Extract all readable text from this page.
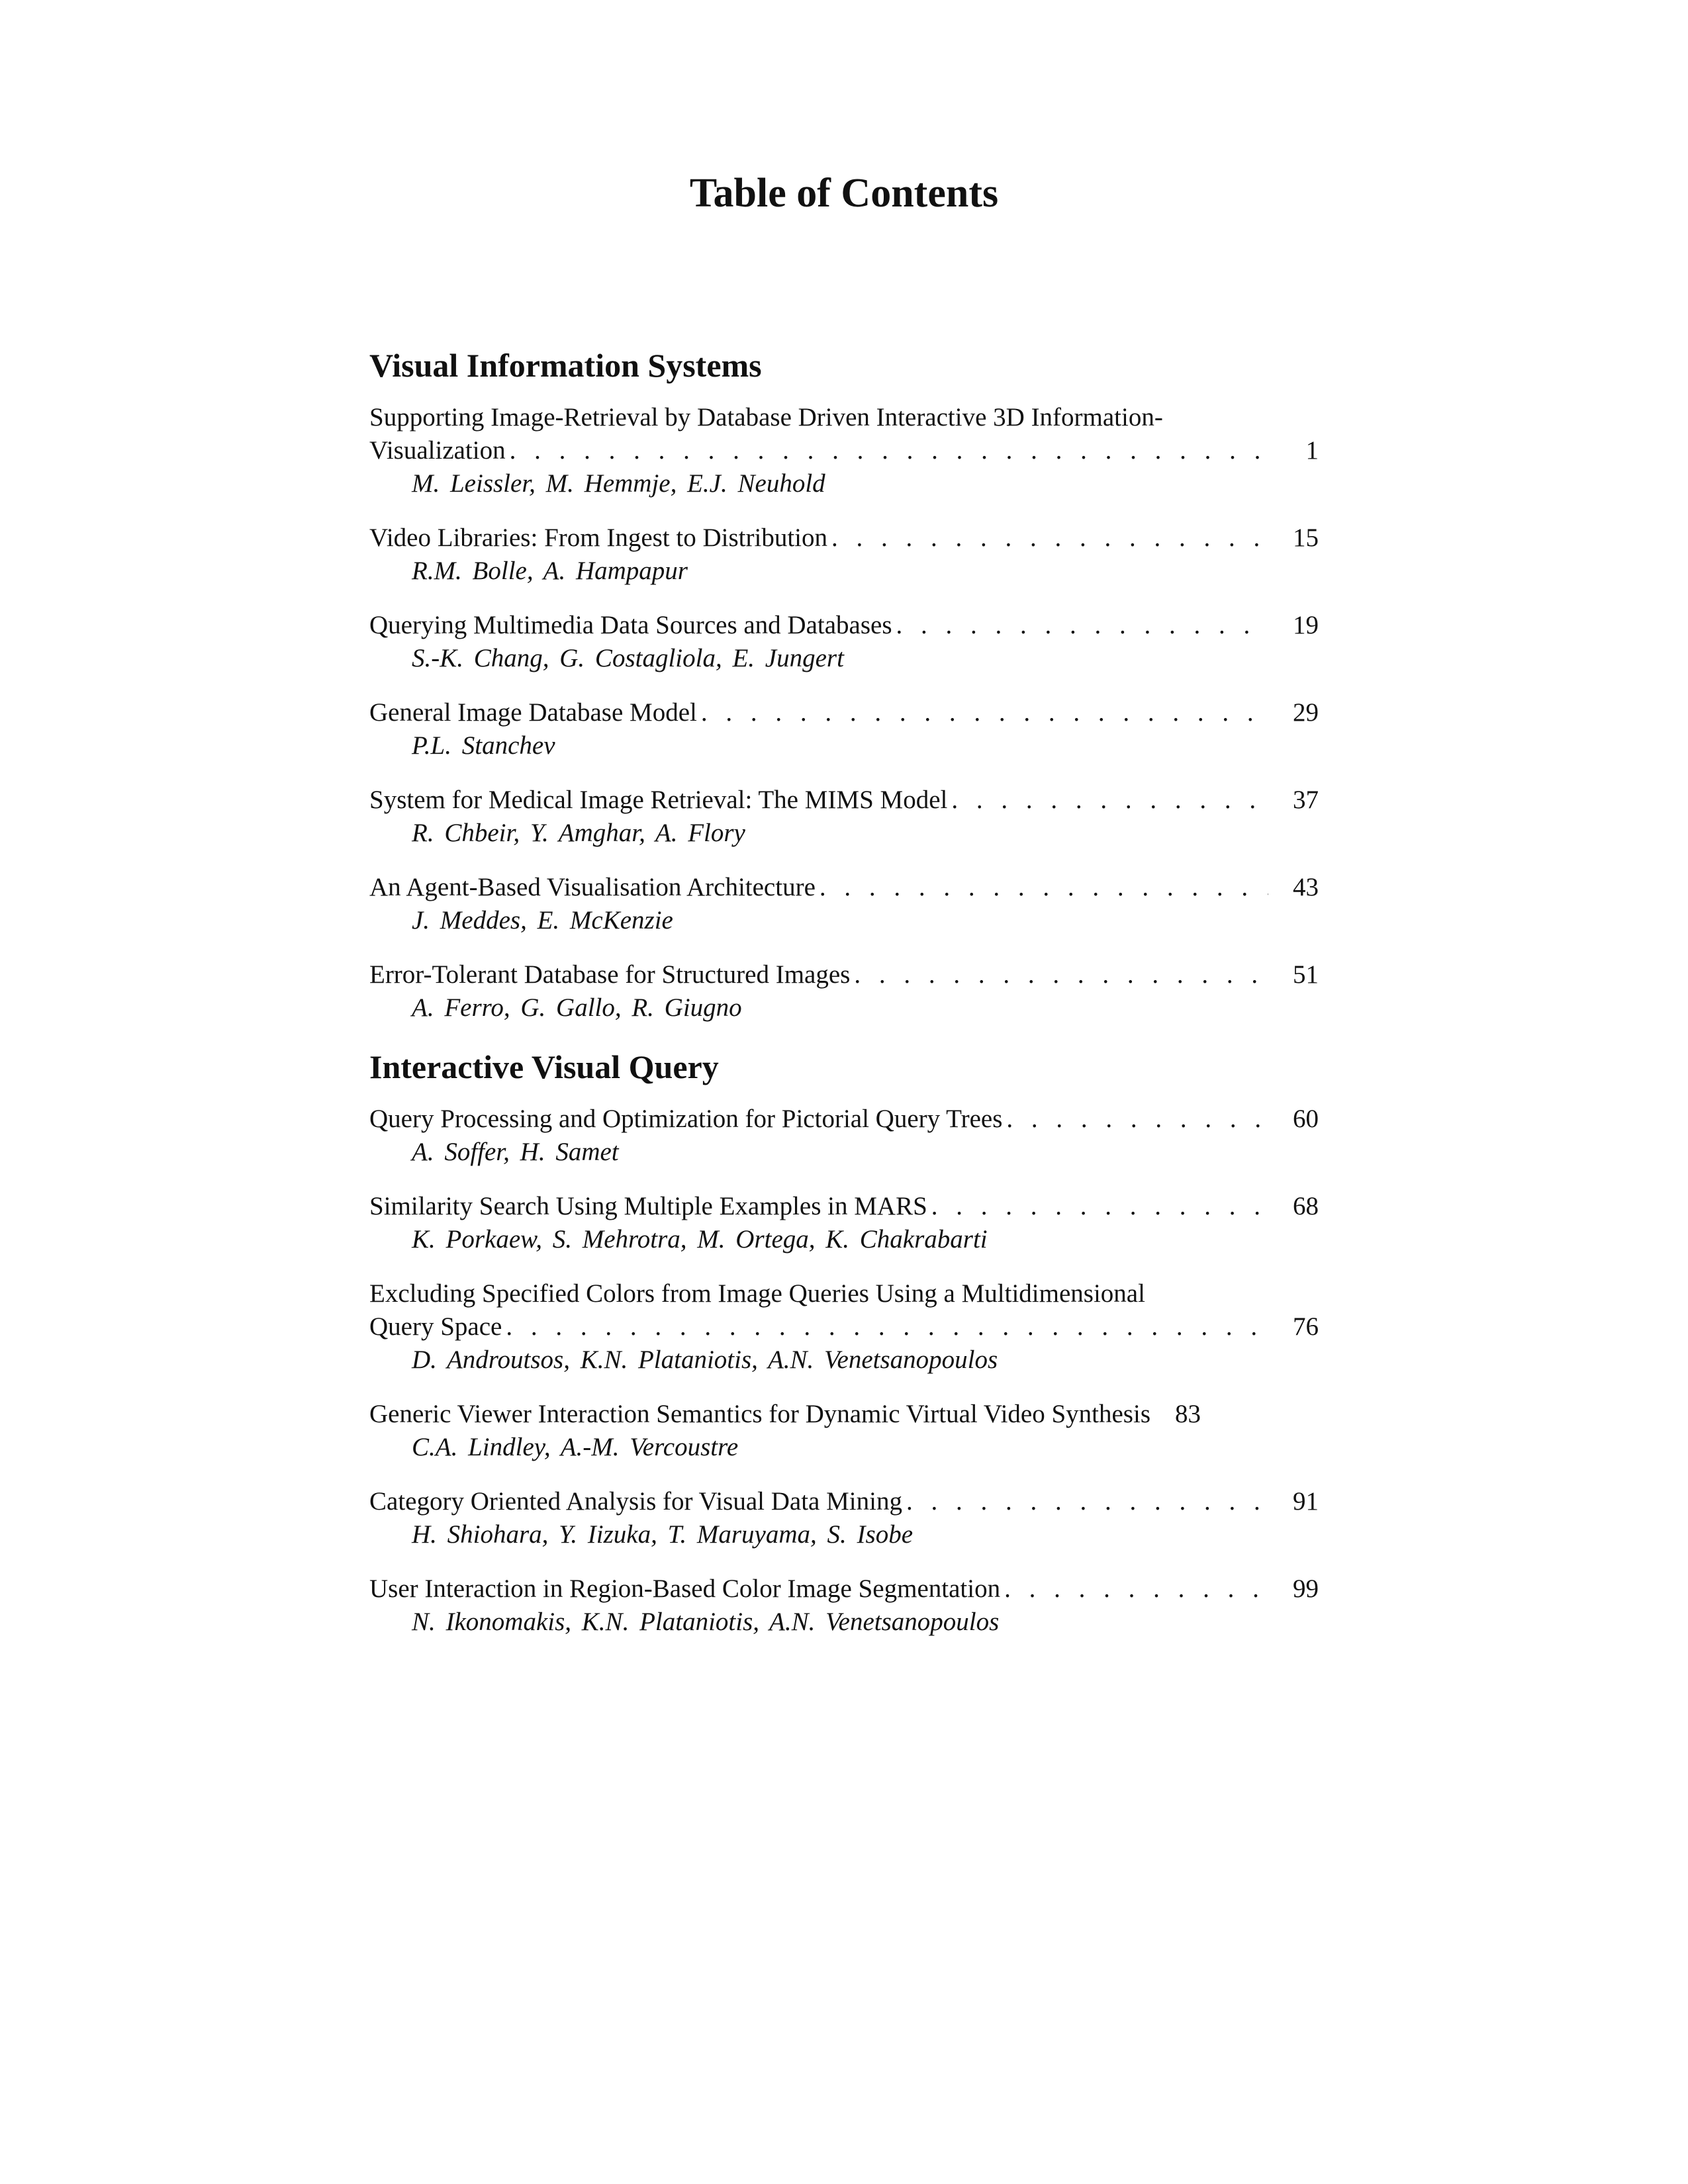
Table of Contents
Visual Information Systems
Supporting Image-Retrieval by Database Driven Interactive 3D Information-
Visualization . . .	1
M. Leissler, M. Hemmje, E.J. Neuhold
Video Libraries: From Ingest to Distribution . . .	15
R.M. Bolle, A. Hampapur
Querying Multimedia Data Sources and Databases . . .	19
S.-K. Chang, G. Costagliola, E. Jungert
General Image Database Model . . .	29
P.L. Stanchev
System for Medical Image Retrieval: The MIMS Model . . .	37
R. Chbeir, Y. Amghar, A. Flory
An Agent-Based Visualisation Architecture . . .	43
J. Meddes, E. McKenzie
Error-Tolerant Database for Structured Images . . .	51
A. Ferro, G. Gallo, R. Giugno
Interactive Visual Query
Query Processing and Optimization for Pictorial Query Trees . . .	60
A. Soffer, H. Samet
Similarity Search Using Multiple Examples in MARS . . .	68
K. Porkaew, S. Mehrotra, M. Ortega, K. Chakrabarti
Excluding Specified Colors from Image Queries Using a Multidimensional
Query Space . . .	76
D. Androutsos, K.N. Plataniotis, A.N. Venetsanopoulos
Generic Viewer Interaction Semantics for Dynamic Virtual Video Synthesis 83
C.A. Lindley, A.-M. Vercoustre
Category Oriented Analysis for Visual Data Mining . . .	91
H. Shiohara, Y. Iizuka, T. Maruyama, S. Isobe
User Interaction in Region-Based Color Image Segmentation . . .	99
N. Ikonomakis, K.N. Plataniotis, A.N. Venetsanopoulos
